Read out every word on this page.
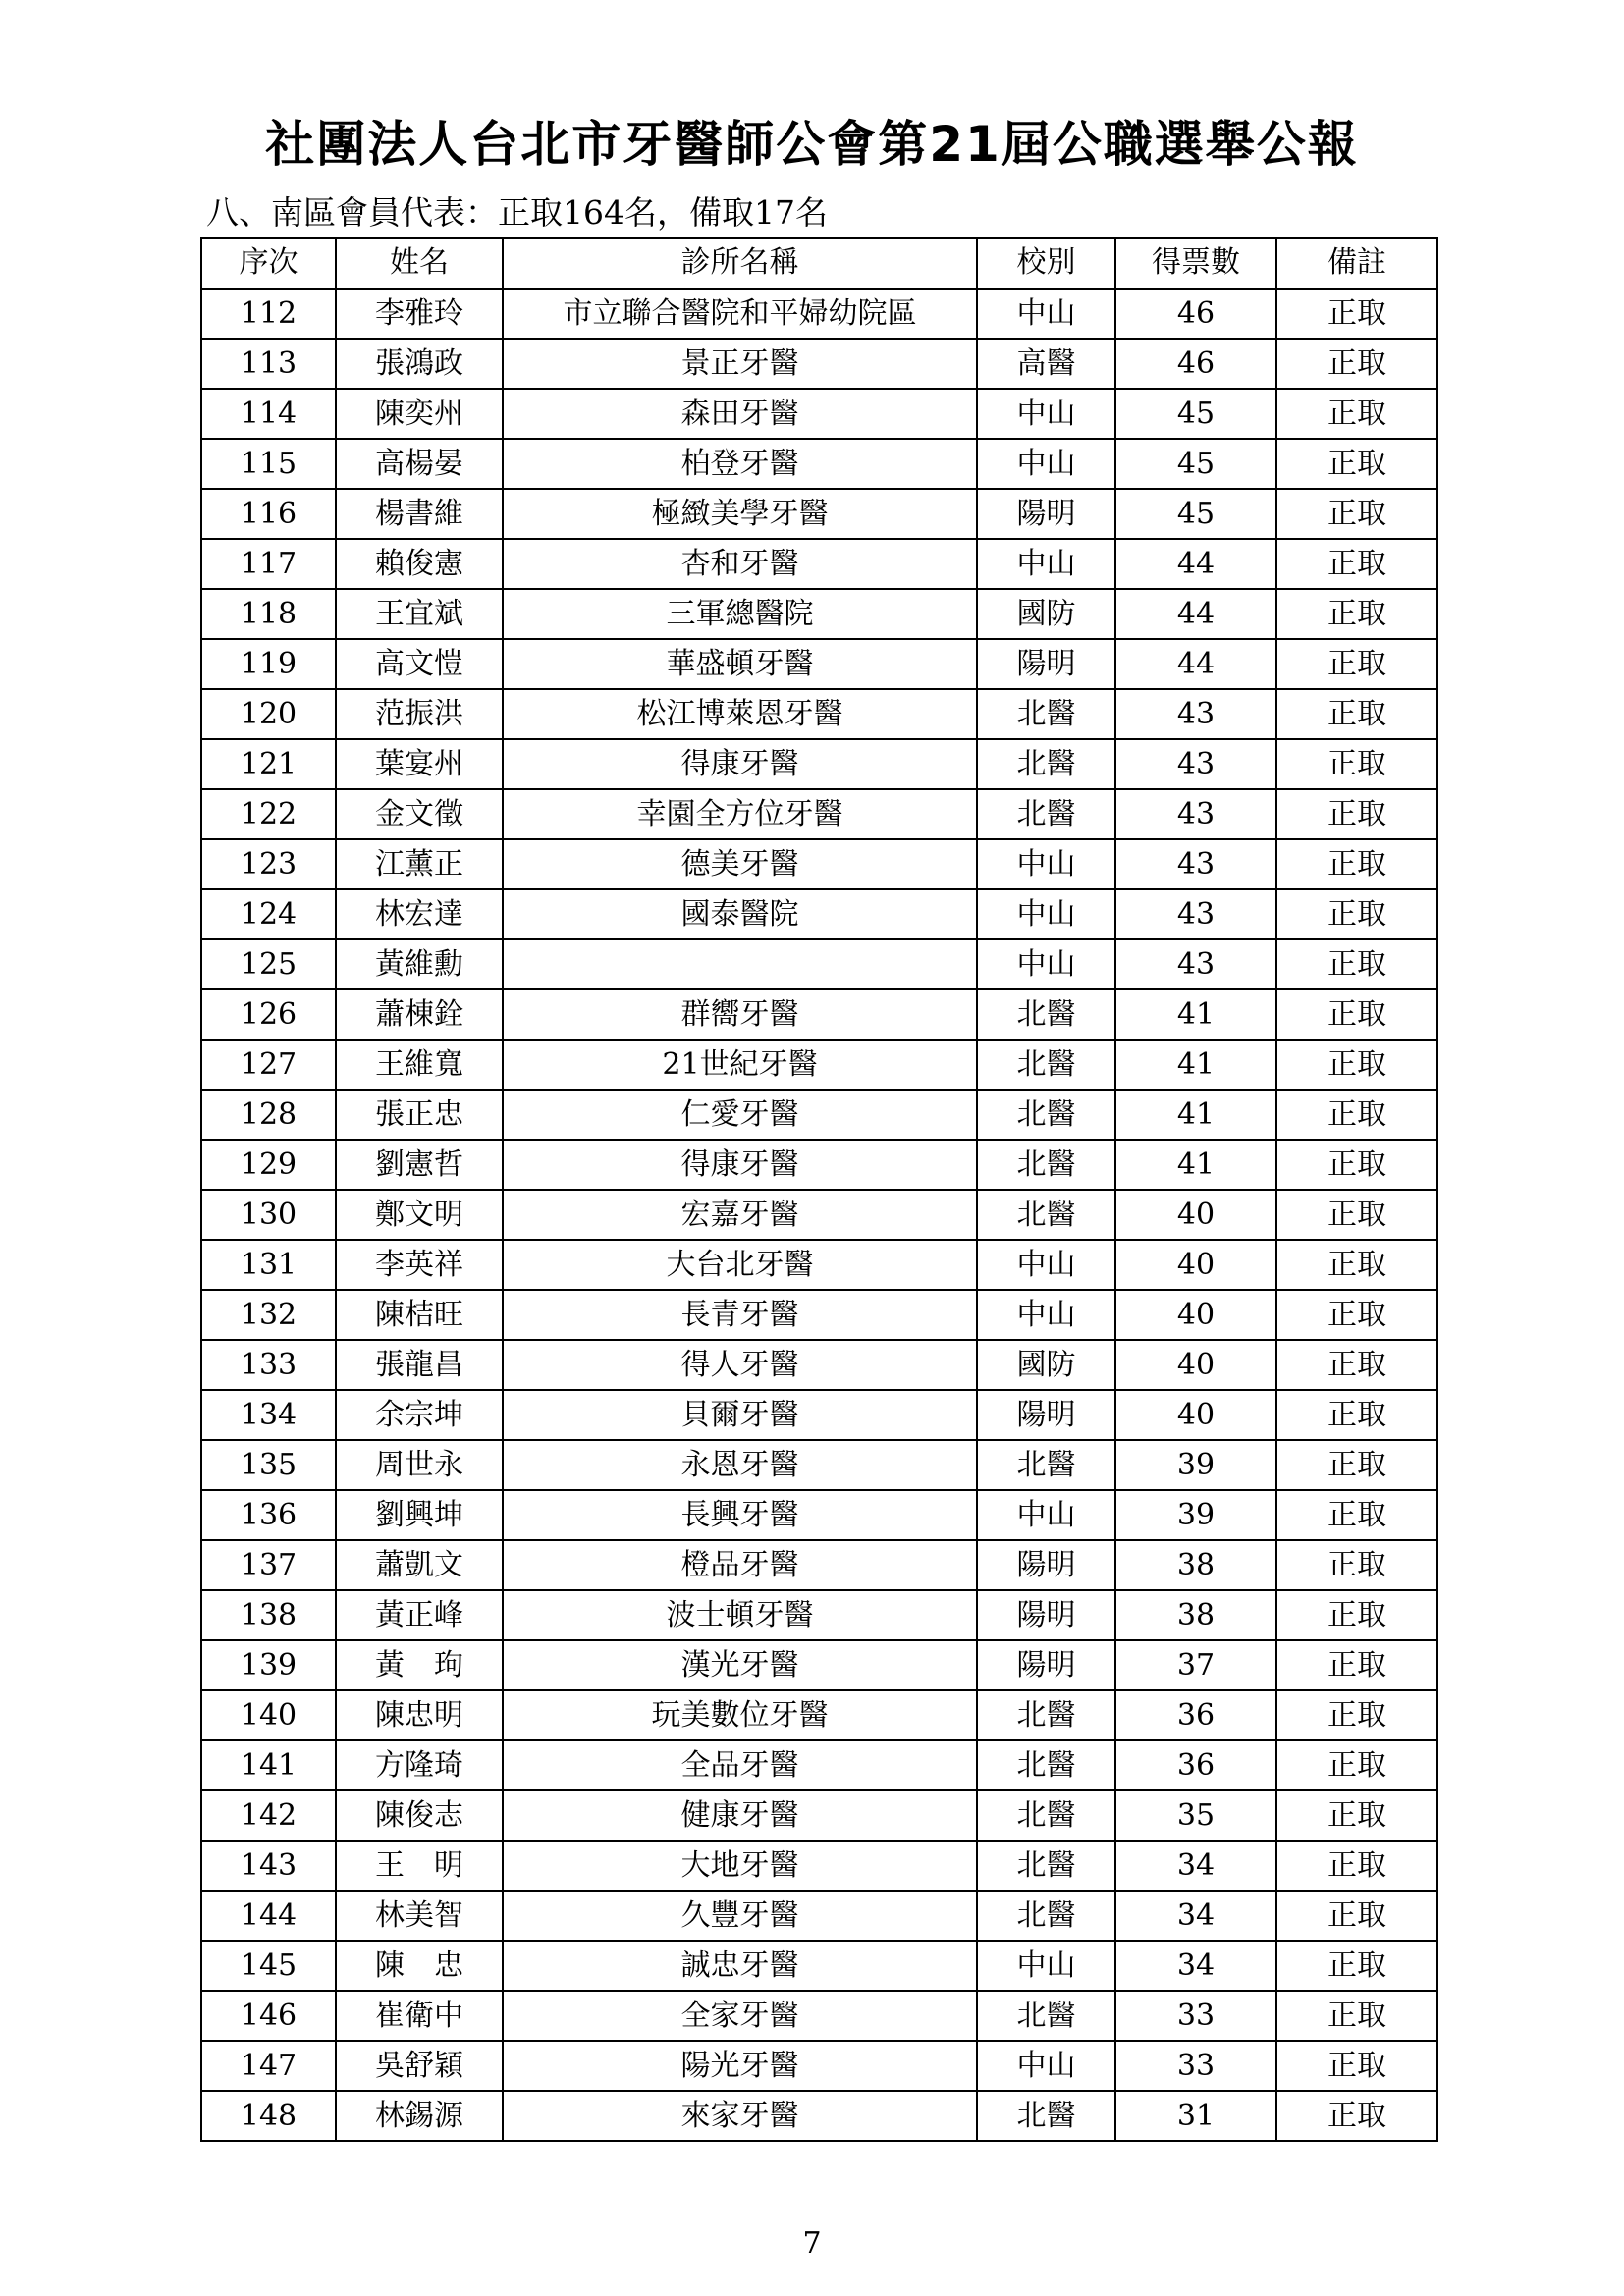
社團法人台北市牙醫師公會第21屆公職選舉公報
八、南區會員代表：正取164名，備取17名
序次	姓名	診所名稱	校別	得票數	備註
112	李雅玲	市立聯合醫院和平婦幼院區	中山	46	正取
113	張鴻政	景正牙醫	高醫	46	正取
114	陳奕州	森田牙醫	中山	45	正取
115	高楊晏	柏登牙醫	中山	45	正取
116	楊書維	極緻美學牙醫	陽明	45	正取
117	賴俊憲	杏和牙醫	中山	44	正取
118	王宜斌	三軍總醫院	國防	44	正取
119	高文愷	華盛頓牙醫	陽明	44	正取
120	范振洪	松江博萊恩牙醫	北醫	43	正取
121	葉宴州	得康牙醫	北醫	43	正取
122	金文徵	幸園全方位牙醫	北醫	43	正取
123	江薰正	德美牙醫	中山	43	正取
124	林宏達	國泰醫院	中山	43	正取
125	黃維勳		中山	43	正取
126	蕭棟銓	群嚮牙醫	北醫	41	正取
127	王維寬	21世紀牙醫	北醫	41	正取
128	張正忠	仁愛牙醫	北醫	41	正取
129	劉憲哲	得康牙醫	北醫	41	正取
130	鄭文明	宏嘉牙醫	北醫	40	正取
131	李英祥	大台北牙醫	中山	40	正取
132	陳桔旺	長青牙醫	中山	40	正取
133	張龍昌	得人牙醫	國防	40	正取
134	余宗坤	貝爾牙醫	陽明	40	正取
135	周世永	永恩牙醫	北醫	39	正取
136	劉興坤	長興牙醫	中山	39	正取
137	蕭凱文	橙品牙醫	陽明	38	正取
138	黃正峰	波士頓牙醫	陽明	38	正取
139	黃　玽	漢光牙醫	陽明	37	正取
140	陳忠明	玩美數位牙醫	北醫	36	正取
141	方隆琦	全品牙醫	北醫	36	正取
142	陳俊志	健康牙醫	北醫	35	正取
143	王　明	大地牙醫	北醫	34	正取
144	林美智	久豐牙醫	北醫	34	正取
145	陳　忠	誠忠牙醫	中山	34	正取
146	崔衛中	全家牙醫	北醫	33	正取
147	吳舒穎	陽光牙醫	中山	33	正取
148	林錫源	來家牙醫	北醫	31	正取
7
